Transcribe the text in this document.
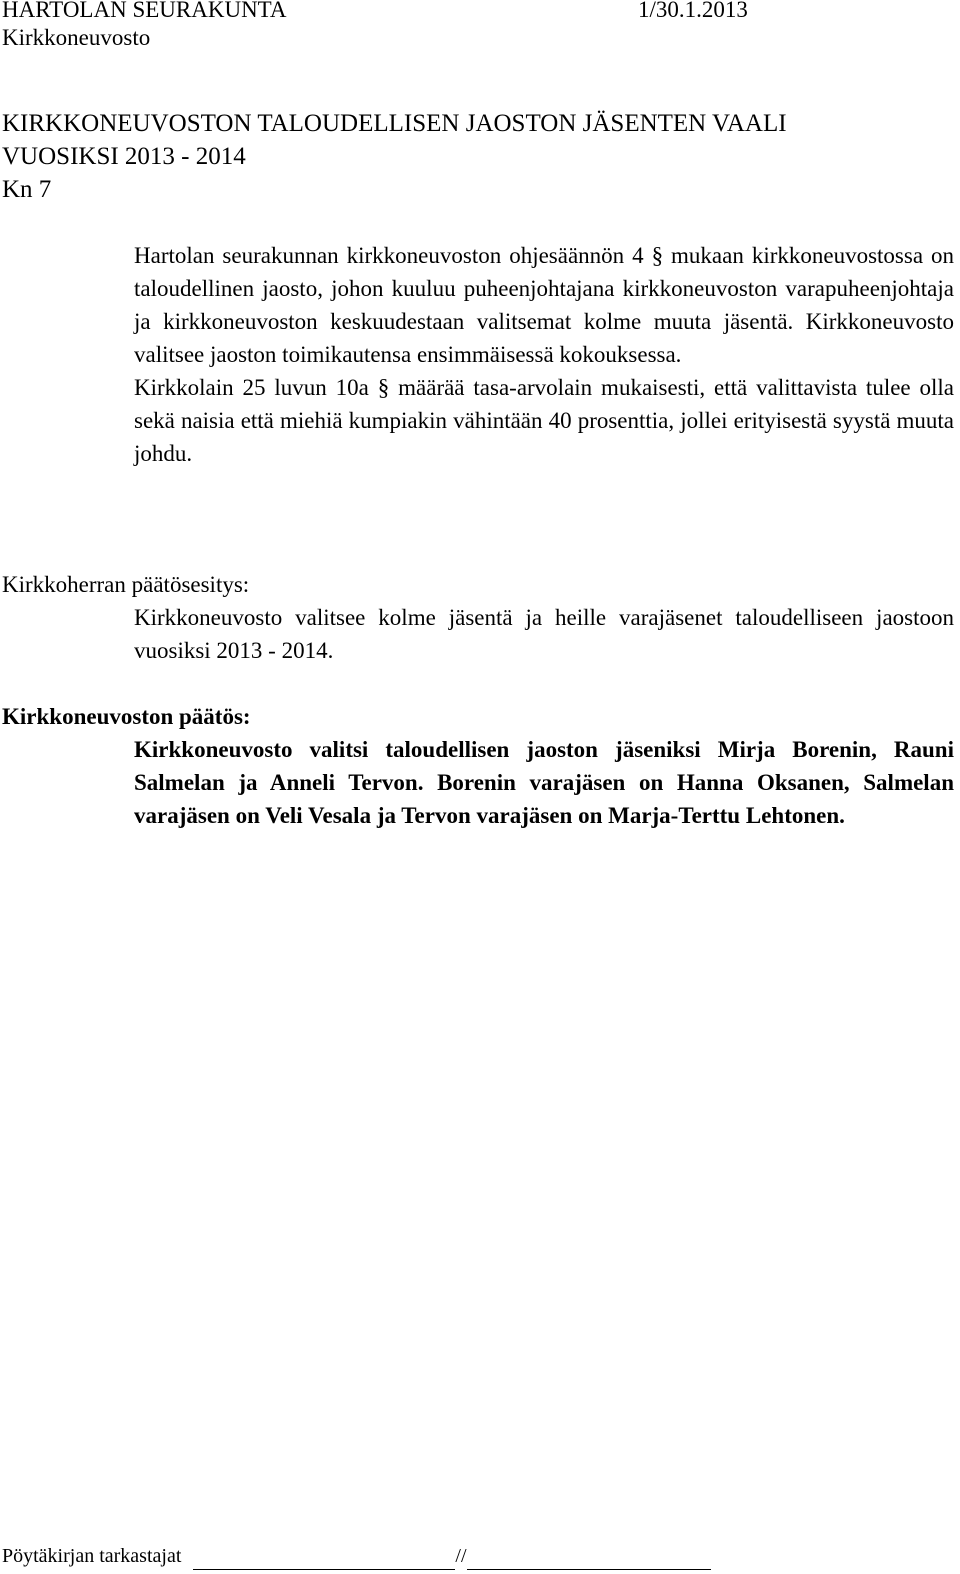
HARTOLAN SEURAKUNTA	1/30.1.2013
Kirkkoneuvosto
KIRKKONEUVOSTON TALOUDELLISEN JAOSTON JÄSENTEN VAALI
VUOSIKSI 2013 - 2014
Kn 7

Hartolan seurakunnan kirkkoneuvoston ohjesäännön 4 § mukaan kirkkoneuvostossa on taloudellinen jaosto, johon kuuluu puheenjohtajana kirkkoneuvoston varapuheenjohtaja ja kirkkoneuvoston keskuudestaan valitsemat kolme muuta jäsentä. Kirkkoneuvosto valitsee jaoston toimikautensa ensimmäisessä kokouksessa.

Kirkkolain 25 luvun 10a § määrää tasa-arvolain mukaisesti, että valittavista tulee olla sekä naisia että miehiä kumpiakin vähintään 40 prosenttia, jollei erityisestä syystä muuta johdu.

Kirkkoherran päätösesitys:

Kirkkoneuvosto valitsee kolme jäsentä ja heille varajäsenet taloudelliseen jaostoon vuosiksi 2013 - 2014.

Kirkkoneuvoston päätös:

Kirkkoneuvosto valitsi taloudellisen jaoston jäseniksi Mirja Borenin, Rauni Salmelan ja Anneli Tervon. Borenin varajäsen on Hanna Oksanen, Salmelan varajäsen on Veli Vesala ja Tervon varajäsen on Marja-Terttu Lehtonen.

Pöytäkirjan tarkastajat	//
